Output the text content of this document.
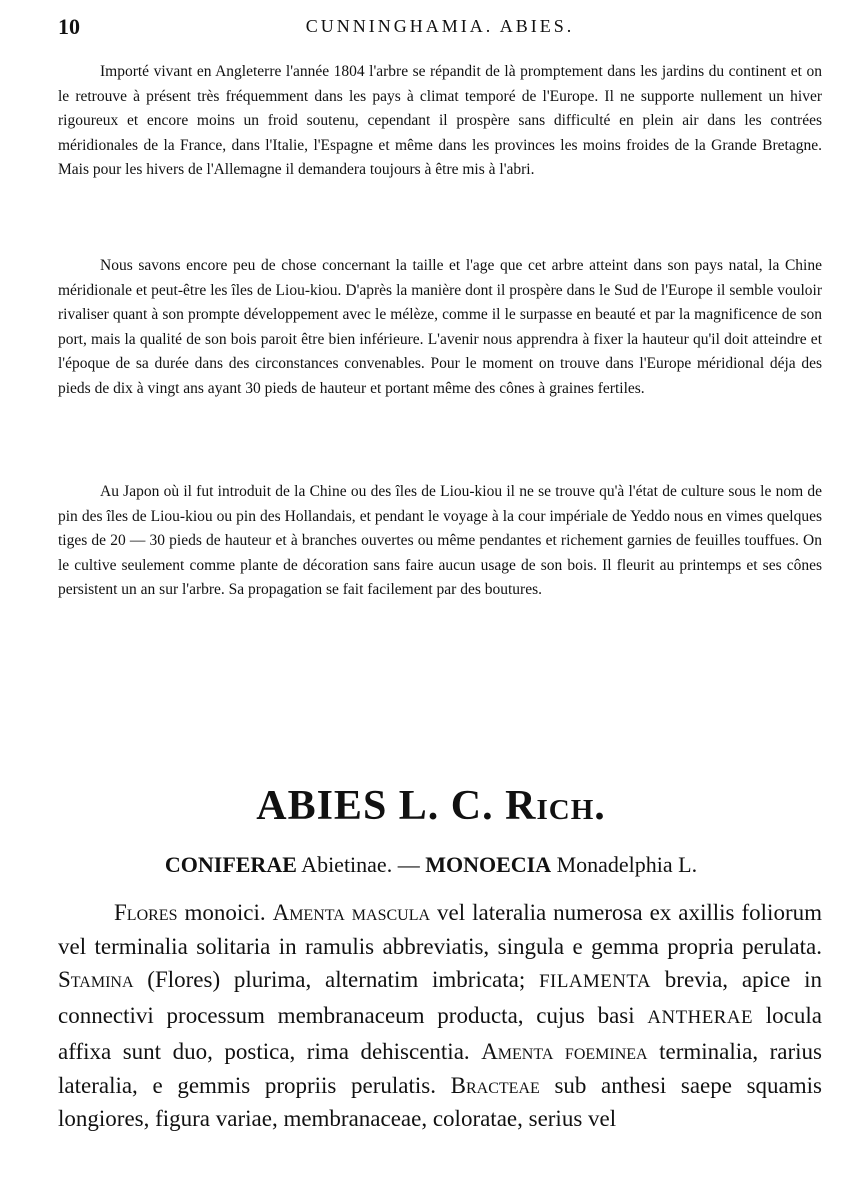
10	CUNNINGHAMIA. ABIES.

Importé vivant en Angleterre l'année 1804 l'arbre se répandit de là promptement dans les jardins du continent et on le retrouve à présent très fréquemment dans les pays à climat temporé de l'Europe. Il ne supporte nullement un hiver rigoureux et encore moins un froid soutenu, cependant il prospère sans difficulté en plein air dans les contrées méridionales de la France, dans l'Italie, l'Espagne et même dans les provinces les moins froides de la Grande Bretagne. Mais pour les hivers de l'Allemagne il demandera toujours à être mis à l'abri.

Nous savons encore peu de chose concernant la taille et l'age que cet arbre atteint dans son pays natal, la Chine méridionale et peut-être les îles de Liou-kiou. D'après la manière dont il prospère dans le Sud de l'Europe il semble vouloir rivaliser quant à son prompte développement avec le mélèze, comme il le surpasse en beauté et par la magnificence de son port, mais la qualité de son bois paroit être bien inférieure. L'avenir nous apprendra à fixer la hauteur qu'il doit atteindre et l'époque de sa durée dans des circonstances convenables. Pour le moment on trouve dans l'Europe méridional déja des pieds de dix à vingt ans ayant 30 pieds de hauteur et portant même des cônes à graines fertiles.

Au Japon où il fut introduit de la Chine ou des îles de Liou-kiou il ne se trouve qu'à l'état de culture sous le nom de pin des îles de Liou-kiou ou pin des Hollandais, et pendant le voyage à la cour impériale de Yeddo nous en vimes quelques tiges de 20 — 30 pieds de hauteur et à branches ouvertes ou même pendantes et richement garnies de feuilles touffues. On le cultive seulement comme plante de décoration sans faire aucun usage de son bois. Il fleurit au printemps et ses cônes persistent un an sur l'arbre. Sa propagation se fait facilement par des boutures.

ABIES L. C. Rich.
CONIFERAE Abietinae. — MONOECIA Monadelphia L.

Flores monoici. Amenta mascula vel lateralia numerosa ex axillis foliorum vel terminalia solitaria in ramulis abbreviatis, singula e gemma propria perulata. Stamina (Flores) plurima, alternatim imbricata; FILAMENTA brevia, apice in connectivi processum membranaceum producta, cujus basi ANTHERAE locula affixa sunt duo, postica, rima dehiscentia. Amenta foeminea terminalia, rarius lateralia, e gemmis propriis perulatis. Bracteae sub anthesi saepe squamis longiores, figura variae, membranaceae, coloratae, serius vel
